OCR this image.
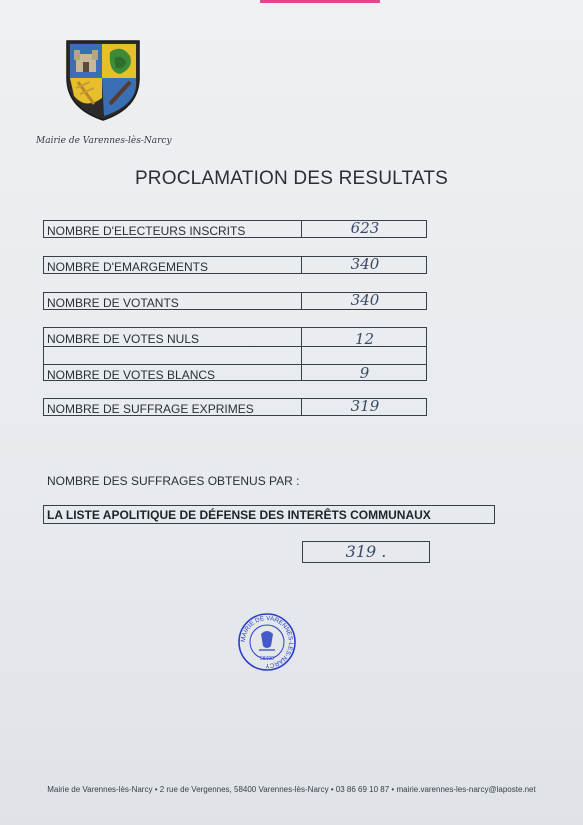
Mairie de Varennes-lès-Narcy
PROCLAMATION DES RESULTATS
NOMBRE D'ELECTEURS INSCRITS	623
NOMBRE D'EMARGEMENTS	340
NOMBRE DE VOTANTS	340
NOMBRE DE VOTES NULS	12
NOMBRE DE VOTES BLANCS	9
NOMBRE DE SUFFRAGE EXPRIMES	319
NOMBRE DES SUFFRAGES OBTENUS PAR :
LA LISTE APOLITIQUE DE DÉFENSE DES INTERÊTS COMMUNAUX
319 .
MAIRIE DE VARENNES-LÈS-NARCY
58400
Mairie de Varennes-lès-Narcy • 2 rue de Vergennes, 58400 Varennes-lès-Narcy • 03 86 69 10 87 • mairie.varennes-les-narcy@laposte.net
